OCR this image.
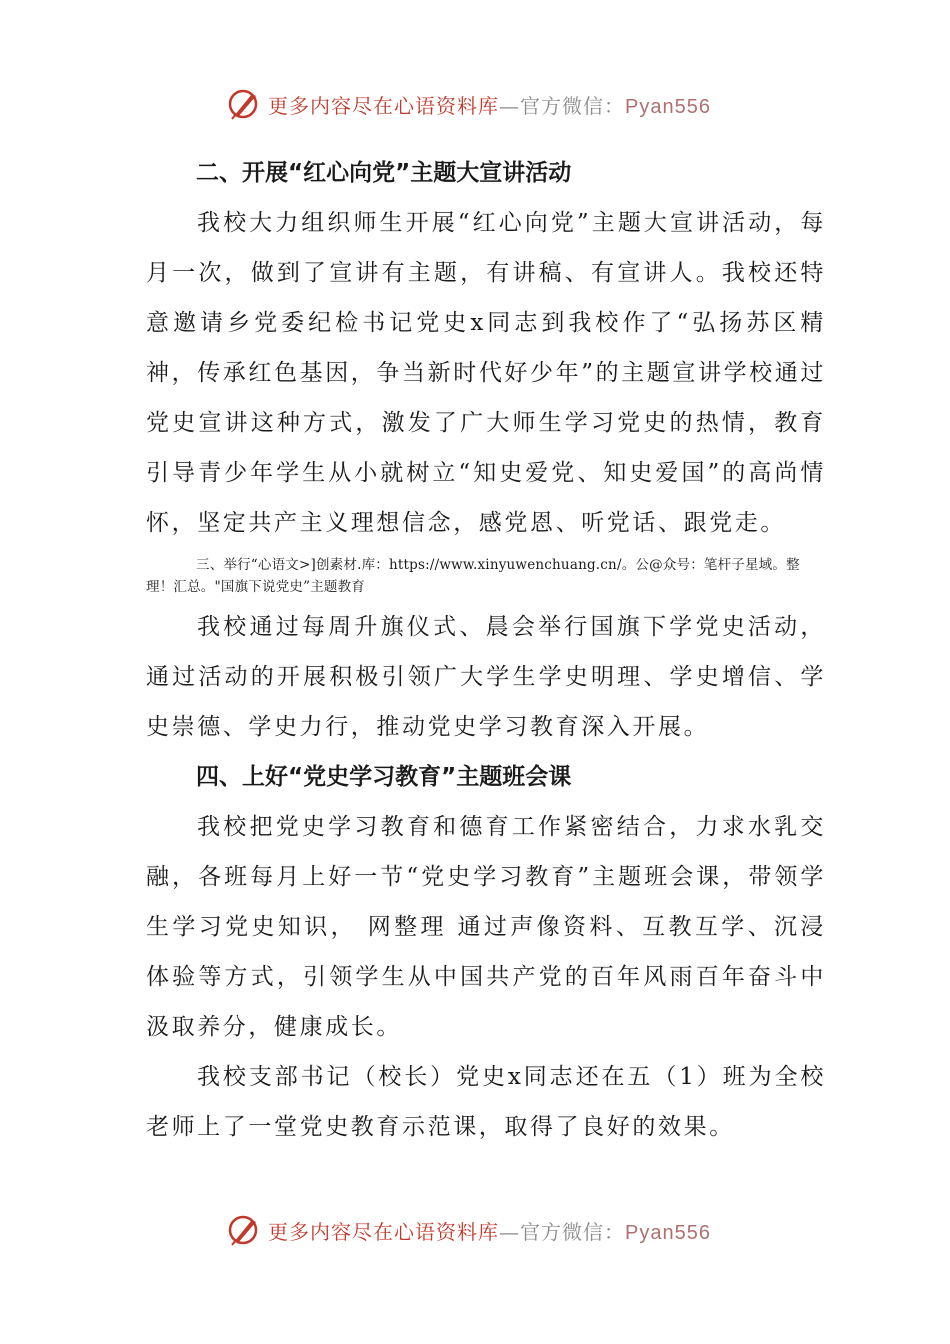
更多内容尽在心语资料库—官方微信：Pyan556

二、开展“红心向党”主题大宣讲活动

我校大力组织师生开展“红心向党”主题大宣讲活动，每月一次，做到了宣讲有主题，有讲稿、有宣讲人。我校还特意邀请乡党委纪检书记党史x同志到我校作了“弘扬苏区精神，传承红色基因，争当新时代好少年”的主题宣讲学校通过党史宣讲这种方式，激发了广大师生学习党史的热情，教育引导青少年学生从小就树立“知史爱党、知史爱国”的高尚情怀，坚定共产主义理想信念，感党恩、听党话、跟党走。

三、举行“心语文>]创素材.库：https://www.xinyuwenchuang.cn/。公@众号：笔杆子星域。整理！汇总。"国旗下说党史”主题教育

我校通过每周升旗仪式、晨会举行国旗下学党史活动，通过活动的开展积极引领广大学生学史明理、学史增信、学史崇德、学史力行，推动党史学习教育深入开展。

四、上好“党史学习教育”主题班会课

我校把党史学习教育和德育工作紧密结合，力求水乳交融，各班每月上好一节“党史学习教育”主题班会课，带领学生学习党史知识， 网整理 通过声像资料、互教互学、沉浸体验等方式，引领学生从中国共产党的百年风雨百年奋斗中汲取养分，健康成长。

我校支部书记（校长）党史x同志还在五（1）班为全校老师上了一堂党史教育示范课，取得了良好的效果。

更多内容尽在心语资料库—官方微信：Pyan556
